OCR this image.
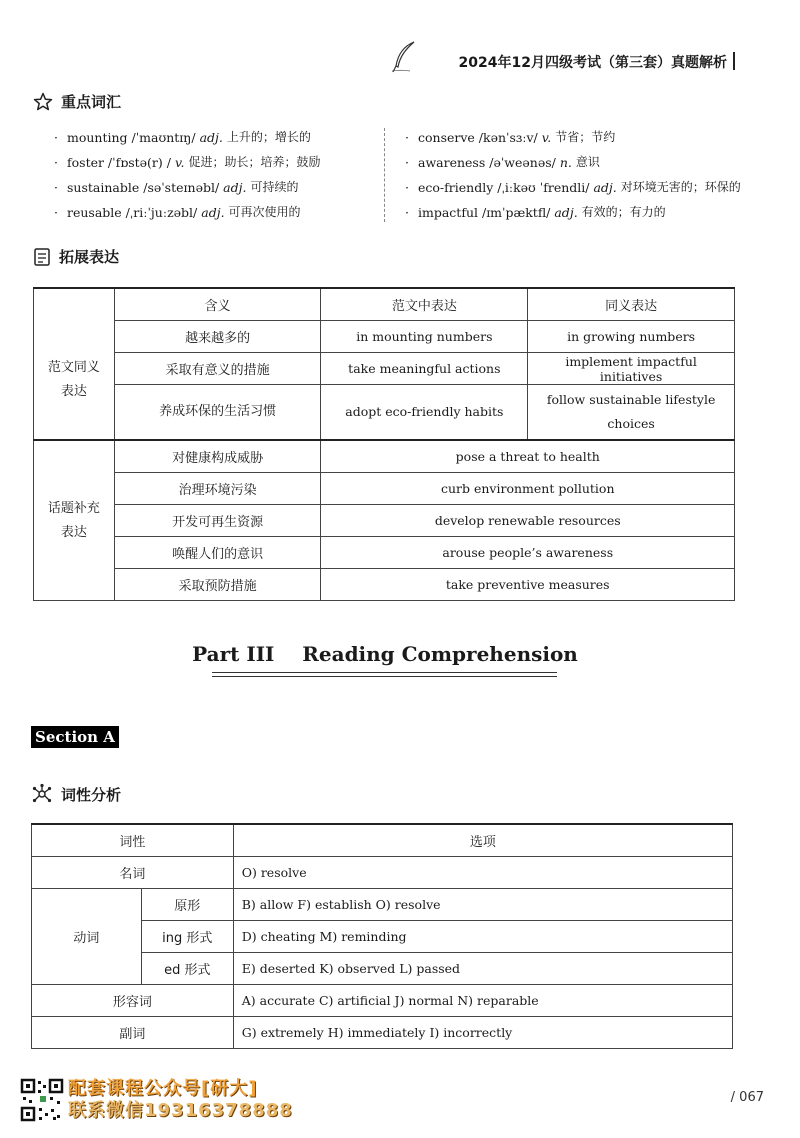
2024年12月四级考试（第三套）真题解析
重点词汇
· mounting /ˈmaʊntɪŋ/
adj.
上升的；增长的
· foster /ˈfɒstə(r) /
v.
促进；助长；培养；鼓励
· sustainable /səˈsteɪnəbl/
adj.
可持续的
· reusable /ˌriːˈjuːzəbl/
adj.
可再次使用的
· conserve /kənˈsɜːv/
v.
节省；节约
· awareness /əˈweənəs/
n.
意识
· eco-friendly /ˌiːkəʊ ˈfrendli/
adj.
对环境无害的；环保的
· impactful /ɪmˈpæktfl/
adj.
有效的；有力的
拓展表达
	含义	范文中表达	同义表达
范文同义
表达	越来越多的	in mounting numbers	in growing numbers
	采取有意义的措施	take meaningful actions	implement impactful initiatives
	养成环保的生活习惯	adopt eco-friendly habits	follow sustainable lifestyle
choices
话题补充
表达	对健康构成威胁	pose a threat to health	
	治理环境污染	curb environment pollution	
	开发可再生资源	develop renewable resources	
	唤醒人们的意识	arouse people’s awareness	
	采取预防措施	take preventive measures	
Part III    Reading Comprehension
Section A
词性分析
词性		选项
名词		O) resolve
动词	原形	B) allow F) establish O) resolve
	ing 形式	D) cheating M) reminding
	ed 形式	E) deserted K) observed L) passed
形容词		A) accurate C) artificial J) normal N) reparable
副词		G) extremely H) immediately I) incorrectly
配套课程公众号[研大]
联系微信19316378888
/ 067
